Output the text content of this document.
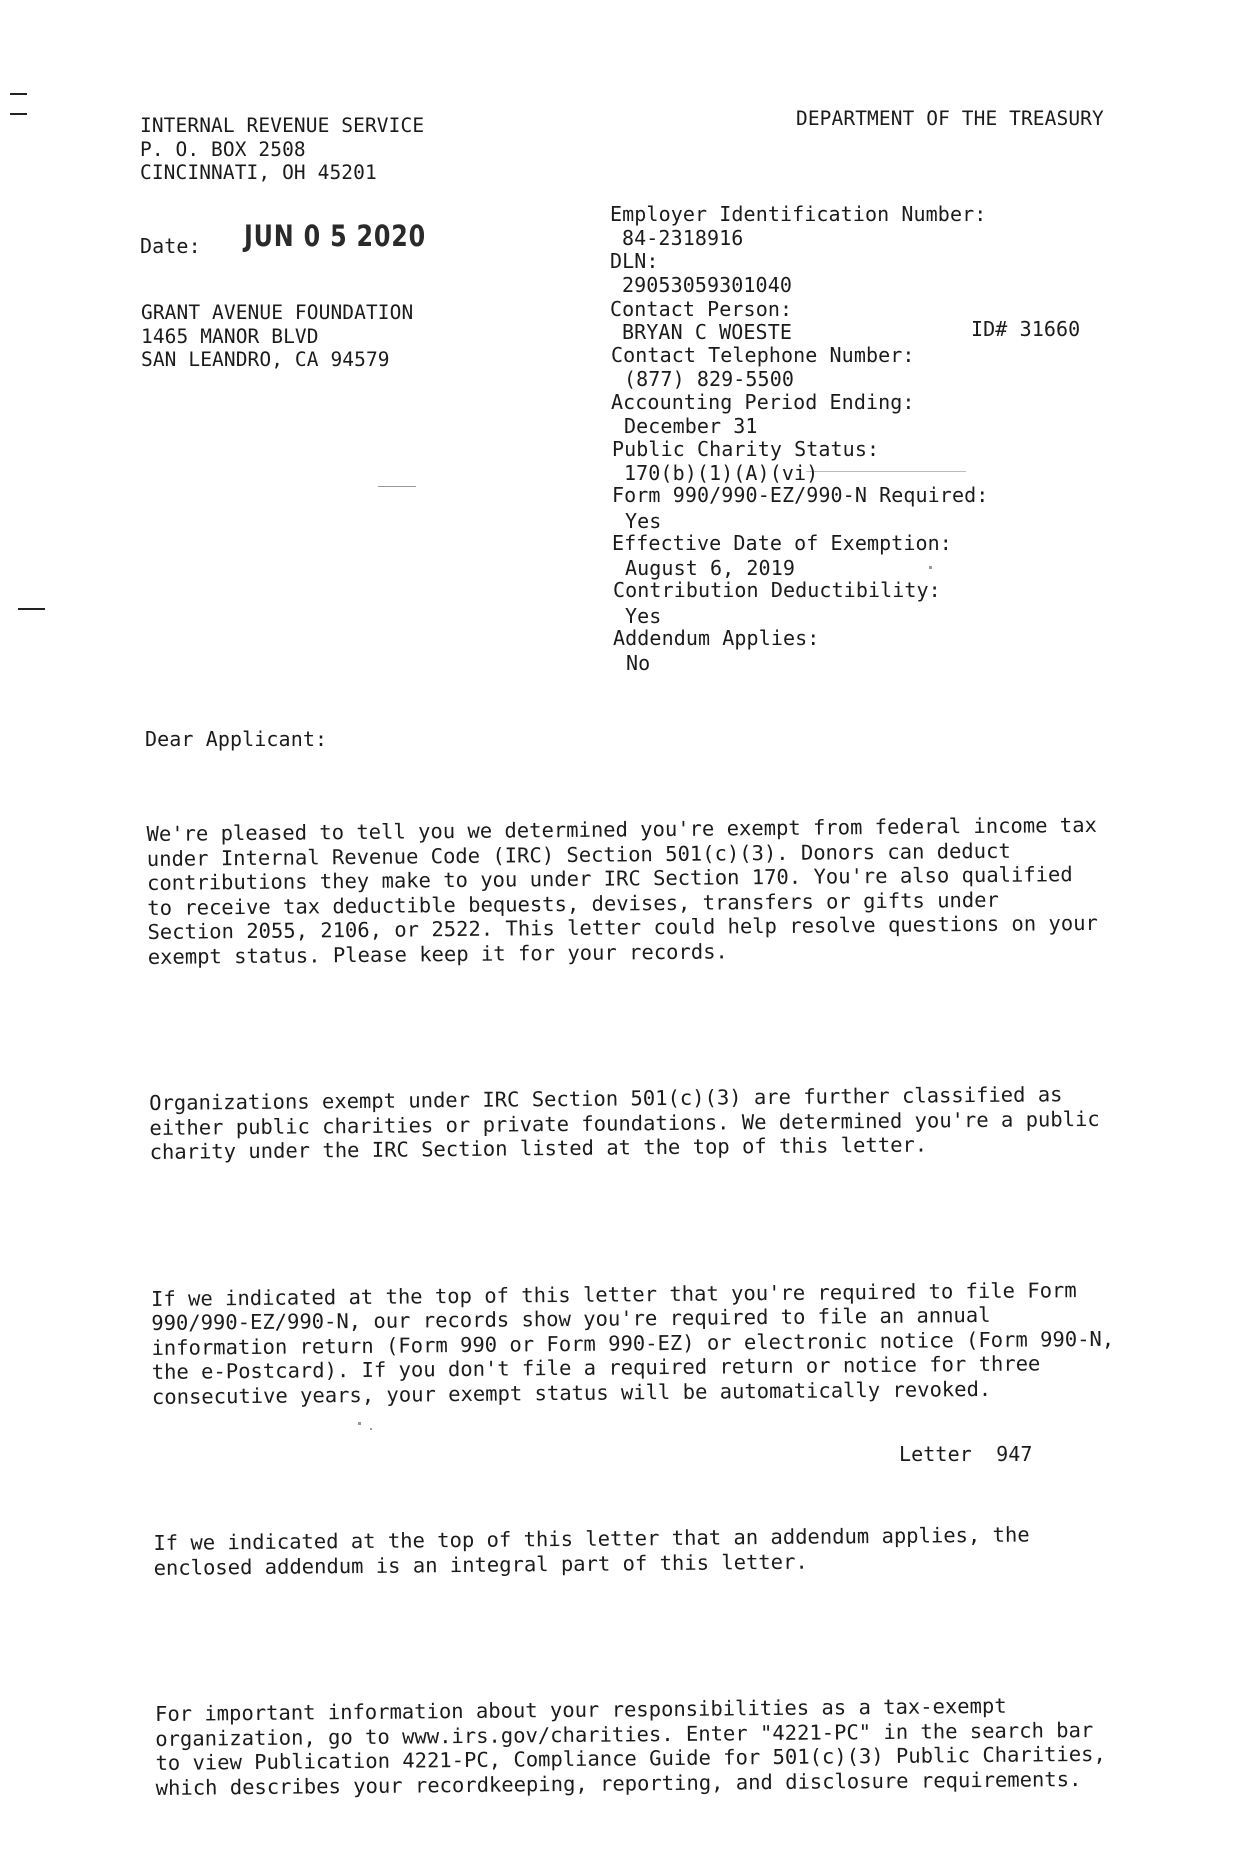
INTERNAL REVENUE SERVICE
P. O. BOX 2508
CINCINNATI, OH 45201
DEPARTMENT OF THE TREASURY
Date: JUN 0 5 2020
GRANT AVENUE FOUNDATION
1465 MANOR BLVD
SAN LEANDRO, CA 94579
Employer Identification Number:
84-2318916
DLN:
29053059301040
Contact Person:
BRYAN C WOESTE	ID# 31660
Contact Telephone Number:
(877) 829-5500
Accounting Period Ending:
December 31
Public Charity Status:
170(b)(1)(A)(vi)
Form 990/990-EZ/990-N Required:
Yes
Effective Date of Exemption:
August 6, 2019
Contribution Deductibility:
Yes
Addendum Applies:
No
Dear Applicant:

We're pleased to tell you we determined you're exempt from federal income tax
under Internal Revenue Code (IRC) Section 501(c)(3). Donors can deduct
contributions they make to you under IRC Section 170. You're also qualified
to receive tax deductible bequests, devises, transfers or gifts under
Section 2055, 2106, or 2522. This letter could help resolve questions on your
exempt status. Please keep it for your records.

Organizations exempt under IRC Section 501(c)(3) are further classified as
either public charities or private foundations. We determined you're a public
charity under the IRC Section listed at the top of this letter.

If we indicated at the top of this letter that you're required to file Form
990/990-EZ/990-N, our records show you're required to file an annual
information return (Form 990 or Form 990-EZ) or electronic notice (Form 990-N,
the e-Postcard). If you don't file a required return or notice for three
consecutive years, your exempt status will be automatically revoked.

If we indicated at the top of this letter that an addendum applies, the
enclosed addendum is an integral part of this letter.

For important information about your responsibilities as a tax-exempt
organization, go to www.irs.gov/charities. Enter "4221-PC" in the search bar
to view Publication 4221-PC, Compliance Guide for 501(c)(3) Public Charities,
which describes your recordkeeping, reporting, and disclosure requirements.

Letter  947
